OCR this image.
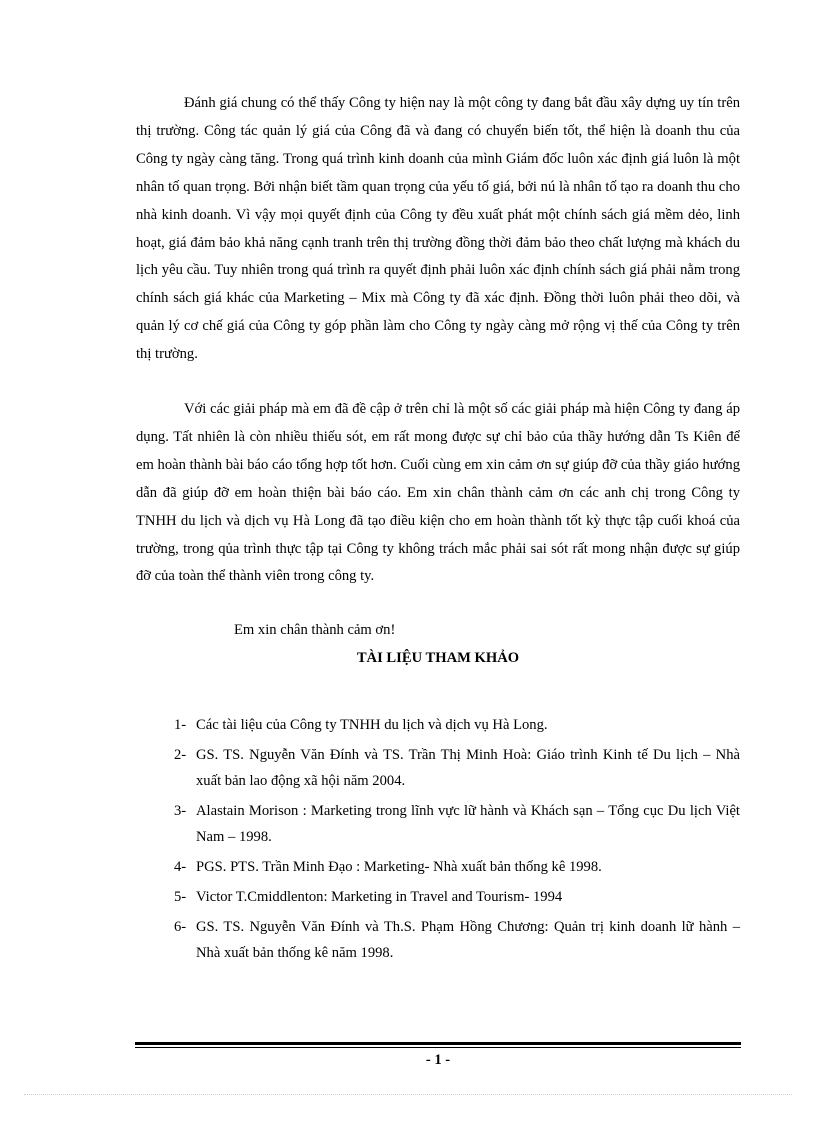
Đánh giá chung có thể thấy Công ty hiện nay là một công ty đang bắt đầu xây dựng uy tín trên thị trường. Công tác quản lý giá của Công đã và đang có chuyển biến tốt, thể hiện là doanh thu của Công ty ngày càng tăng. Trong quá trình kinh doanh của mình Giám đốc luôn xác định giá luôn là một nhân tố quan trọng. Bởi nhận biết tầm quan trọng của yếu tố giá, bởi nú là nhân tố tạo ra doanh thu cho nhà kinh doanh. Vì vậy mọi quyết định của Công ty đều xuất phát một chính sách giá mềm dẻo, linh hoạt, giá đảm bảo khả năng cạnh tranh trên thị trường đồng thời đảm bảo theo chất lượng mà khách du lịch yêu cầu. Tuy nhiên trong quá trình ra quyết định phải luôn xác định chính sách giá phải nằm trong chính sách giá khác của Marketing – Mix mà Công ty đã xác định. Đồng thời luôn phải theo dõi, và quản lý cơ chế giá của Công ty góp phần làm cho Công ty ngày càng mở rộng vị thế của Công ty trên thị trường.

Với các giải pháp mà em đã đề cập ở trên chỉ là một số các giải pháp mà hiện Công ty đang áp dụng. Tất nhiên là còn nhiều thiếu sót, em rất mong được sự chỉ bảo của thầy hướng dẫn Ts Kiên để em hoàn thành bài báo cáo tổng hợp tốt hơn. Cuối cùng em xin cảm ơn sự giúp đỡ của thầy giáo hướng dẫn đã giúp đỡ em hoàn thiện bài báo cáo. Em xin chân thành cảm ơn các anh chị trong Công ty TNHH du lịch và dịch vụ Hà Long đã tạo điều kiện cho em hoàn thành tốt kỳ thực tập cuối khoá của trường, trong qủa trình thực tập tại Công ty không trách mắc phải sai sót rất mong nhận được sự giúp đỡ của toàn thể thành viên trong công ty.

Em xin chân thành cảm ơn!

TÀI LIỆU THAM KHẢO

1- Các tài liệu của Công ty TNHH du lịch và dịch vụ Hà Long.
2- GS. TS. Nguyễn Văn Đính và TS. Trần Thị Minh Hoà: Giáo trình Kinh tế Du lịch – Nhà xuất bản lao động xã hội năm 2004.
3- Alastain Morison : Marketing trong lĩnh vực lữ hành và Khách sạn – Tổng cục Du lịch Việt Nam – 1998.
4- PGS. PTS. Trần Minh Đạo : Marketing- Nhà xuất bản thống kê 1998.
5- Victor T.Cmiddlenton: Marketing in Travel and Tourism- 1994
6- GS. TS. Nguyễn Văn Đính và Th.S. Phạm Hồng Chương: Quản trị kinh doanh lữ hành – Nhà xuất bản thống kê năm 1998.

- 1 -
